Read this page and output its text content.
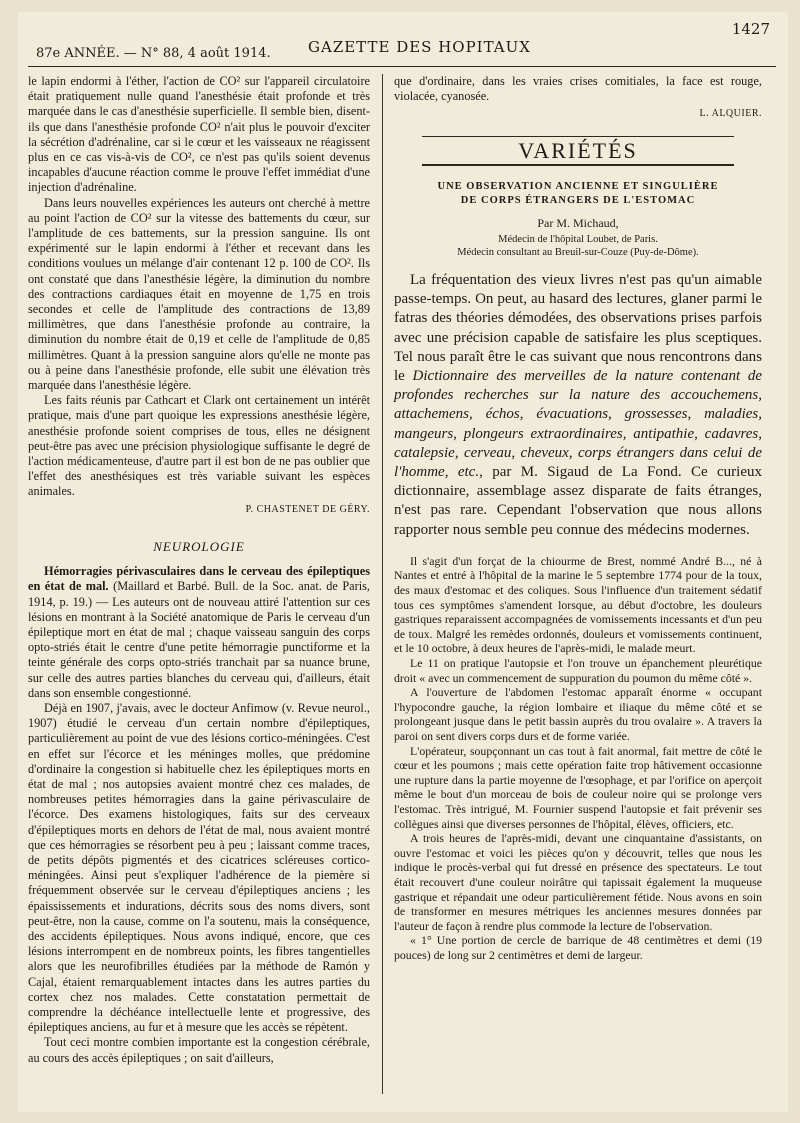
87e ANNÉE. — N° 88, 4 août 1914. GAZETTE DES HOPITAUX
1427

le lapin endormi à l'éther, l'action de CO² sur l'appareil circulatoire était pratiquement nulle quand l'anesthésie était profonde et très marquée dans le cas d'anesthésie superficielle. Il semble bien, disent-ils que dans l'anesthésie profonde CO² n'ait plus le pouvoir d'exciter la sécrétion d'adrénaline, car si le cœur et les vaisseaux ne réagissent plus en ce cas vis-à-vis de CO², ce n'est pas qu'ils soient devenus incapables d'aucune réaction comme le prouve l'effet immédiat d'une injection d'adrénaline.

Dans leurs nouvelles expériences les auteurs ont cherché à mettre au point l'action de CO² sur la vitesse des battements du cœur, sur l'amplitude de ces battements, sur la pression sanguine. Ils ont expérimenté sur le lapin endormi à l'éther et recevant dans les conditions voulues un mélange d'air contenant 12 p. 100 de CO². Ils ont constaté que dans l'anesthésie légère, la diminution du nombre des contractions cardiaques était en moyenne de 1,75 en trois secondes et celle de l'amplitude des contractions de 13,89 millimètres, que dans l'anesthésie profonde au contraire, la diminution du nombre était de 0,19 et celle de l'amplitude de 0,85 millimètres. Quant à la pression sanguine alors qu'elle ne monte pas ou à peine dans l'anesthésie profonde, elle subit une élévation très marquée dans l'anesthésie légère.

Les faits réunis par Cathcart et Clark ont certainement un intérêt pratique, mais d'une part quoique les expressions anesthésie légère, anesthésie profonde soient comprises de tous, elles ne désignent peut-être pas avec une précision physiologique suffisante le degré de l'action médicamenteuse, d'autre part il est bon de ne pas oublier que l'effet des anesthésiques est très variable suivant les espèces animales.

P. CHASTENET DE GÉRY.

NEUROLOGIE

Hémorragies périvasculaires dans le cerveau des épileptiques en état de mal. (Maillard et Barbé. Bull. de la Soc. anat. de Paris, 1914, p. 19.) — Les auteurs ont de nouveau attiré l'attention sur ces lésions en montrant à la Société anatomique de Paris le cerveau d'un épileptique mort en état de mal ; chaque vaisseau sanguin des corps opto-striés était le centre d'une petite hémorragie punctiforme et la teinte générale des corps opto-striés tranchait par sa nuance brune, sur celle des autres parties blanches du cerveau qui, d'ailleurs, était dans son ensemble congestionné.

Déjà en 1907, j'avais, avec le docteur Anfimow (v. Revue neurol., 1907) étudié le cerveau d'un certain nombre d'épileptiques, particulièrement au point de vue des lésions cortico-méningées. C'est en effet sur l'écorce et les méninges molles, que prédomine d'ordinaire la congestion si habituelle chez les épileptiques morts en état de mal ; nos autopsies avaient montré chez ces malades, de nombreuses petites hémorragies dans la gaine périvasculaire de l'écorce. Des examens histologiques, faits sur des cerveaux d'épileptiques morts en dehors de l'état de mal, nous avaient montré que ces hémorragies se résorbent peu à peu ; laissant comme traces, de petits dépôts pigmentés et des cicatrices scléreuses cortico-méningées. Ainsi peut s'expliquer l'adhérence de la piemère si fréquemment observée sur le cerveau d'épileptiques anciens ; les épaississements et indurations, décrits sous des noms divers, sont peut-être, non la cause, comme on l'a soutenu, mais la conséquence, des accidents épileptiques. Nous avons indiqué, encore, que ces lésions interrompent en de nombreux points, les fibres tangentielles alors que les neurofibrilles étudiées par la méthode de Ramón y Cajal, étaient remarquablement intactes dans les autres parties du cortex chez nos malades. Cette constatation permettait de comprendre la déchéance intellectuelle lente et progressive, des épileptiques anciens, au fur et à mesure que les accès se répètent.

Tout ceci montre combien importante est la congestion cérébrale, au cours des accès épileptiques ; on sait d'ailleurs,

que d'ordinaire, dans les vraies crises comitiales, la face est rouge, violacée, cyanosée.

L. ALQUIER.

VARIÉTÉS
UNE OBSERVATION ANCIENNE ET SINGULIÈRE
DE CORPS ÉTRANGERS DE L'ESTOMAC
Par M. Michaud,
Médecin de l'hôpital Loubet, de Paris.
Médecin consultant au Breuil-sur-Couze (Puy-de-Dôme).

La fréquentation des vieux livres n'est pas qu'un aimable passe-temps. On peut, au hasard des lectures, glaner parmi le fatras des théories démodées, des observations prises parfois avec une précision capable de satisfaire les plus sceptiques. Tel nous paraît être le cas suivant que nous rencontrons dans le Dictionnaire des merveilles de la nature contenant de profondes recherches sur la nature des accouchemens, attachemens, échos, évacuations, grossesses, maladies, mangeurs, plongeurs extraordinaires, antipathie, cadavres, catalepsie, cerveau, cheveux, corps étrangers dans celui de l'homme, etc., par M. Sigaud de La Fond. Ce curieux dictionnaire, assemblage assez disparate de faits étranges, n'est pas rare. Cependant l'observation que nous allons rapporter nous semble peu connue des médecins modernes.

Il s'agit d'un forçat de la chiourme de Brest, nommé André B..., né à Nantes et entré à l'hôpital de la marine le 5 septembre 1774 pour de la toux, des maux d'estomac et des coliques. Sous l'influence d'un traitement sédatif tous ces symptômes s'amendent lorsque, au début d'octobre, les douleurs gastriques reparaissent accompagnées de vomissements incessants et d'un peu de toux. Malgré les remèdes ordonnés, douleurs et vomissements continuent, et le 10 octobre, à deux heures de l'après-midi, le malade meurt.

Le 11 on pratique l'autopsie et l'on trouve un épanchement pleurétique droit « avec un commencement de suppuration du poumon du même côté ».

A l'ouverture de l'abdomen l'estomac apparaît énorme « occupant l'hypocondre gauche, la région lombaire et iliaque du même côté et se prolongeant jusque dans le petit bassin auprès du trou ovalaire ». A travers la paroi on sent divers corps durs et de forme variée.

L'opérateur, soupçonnant un cas tout à fait anormal, fait mettre de côté le cœur et les poumons ; mais cette opération faite trop hâtivement occasionne une rupture dans la partie moyenne de l'œsophage, et par l'orifice on aperçoit même le bout d'un morceau de bois de couleur noire qui se prolonge vers l'estomac. Très intrigué, M. Fournier suspend l'autopsie et fait prévenir ses collègues ainsi que diverses personnes de l'hôpital, élèves, officiers, etc.

A trois heures de l'après-midi, devant une cinquantaine d'assistants, on ouvre l'estomac et voici les pièces qu'on y découvrit, telles que nous les indique le procès-verbal qui fut dressé en présence des spectateurs. Le tout était recouvert d'une couleur noirâtre qui tapissait également la muqueuse gastrique et répandait une odeur particulièrement fétide. Nous avons en soin de transformer en mesures métriques les anciennes mesures données par l'auteur de façon à rendre plus commode la lecture de l'observation.

« 1° Une portion de cercle de barrique de 48 centimètres et demi (19 pouces) de long sur 2 centimètres et demi de largeur.
